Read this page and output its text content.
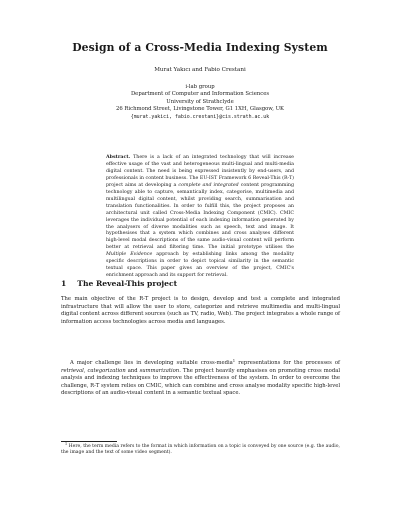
Design of a Cross-Media Indexing System
Murat Yakıcı and Fabio Crestani
i-lab group
Department of Computer and Information Sciences
University of Strathclyde
26 Richmond Street, Livingstone Tower, G1 1XH, Glasgow, UK
{murat.yakici, fabio.crestani}@cis.strath.ac.uk
Abstract. There is a lack of an integrated technology that will increase effective usage of the vast and heterogeneous multi-lingual and multi-media digital content. The need is being expressed insistently by end-users, and professionals in content business. The EU-IST Framework 6 Reveal-This (R-T) project aims at developing a complete and integrated content programming technology able to capture, semantically index, categorise, multimedia and multilingual digital content, whilst providing search, summarisation and translation functionalities. In order to fulfill this, the project proposes an architectural unit called Cross-Media Indexing Component (CMIC). CMIC leverages the individual potential of each indexing information generated by the analysers of diverse modalities such as speech, text and image. It hypothesises that a system which combines and cross analyses different high-level modal descriptions of the same audio-visual content will perform better at retrieval and filtering time. The initial prototype utilises the Multiple Evidence approach by establishing links among the modality specific descriptions in order to depict topical similarity in the semantic textual space. This paper gives an overview of the project, CMIC's enrichment approach and its support for retrieval.
1 The Reveal-This project
The main objective of the R-T project is to design, develop and test a complete and integrated infrastructure that will allow the user to store, categorize and retrieve multimedia and multi-lingual digital content across different sources (such as TV, radio, Web). The project integrates a whole range of information access technologies across media and languages.
A major challenge lies in developing suitable cross-media$^1$ representations for the processes of retrieval, categorization and summarization. The project heavily emphasises on promoting cross modal analysis and indexing techniques to improve the effectiveness of the system. In order to overcome the challenge, R-T system relies on CMIC, which can combine and cross analyse modality specific high-level descriptions of an audio-visual content in a semantic textual space.
$^1$ Here, the term media refers to the format in which information on a topic is conveyed by one source (e.g. the audio, the image and the text of some video segment).
